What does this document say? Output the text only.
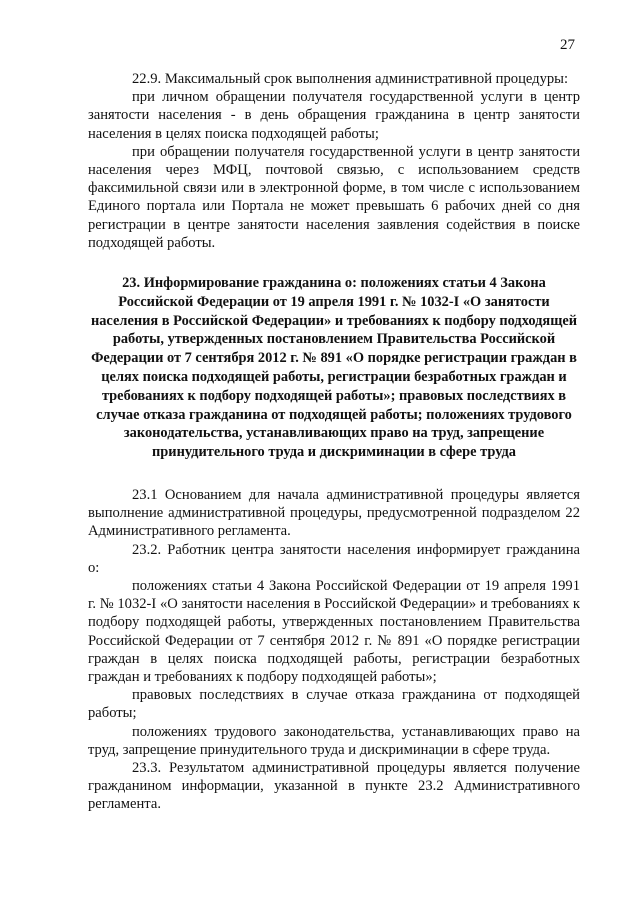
27

22.9. Максимальный срок выполнения административной процедуры:

при личном обращении получателя государственной услуги в центр занятости населения - в день обращения гражданина в центр занятости населения в целях поиска подходящей работы;

при обращении получателя государственной услуги в центр занятости населения через МФЦ, почтовой связью, с использованием средств факсимильной связи или в электронной форме, в том числе с использованием Единого портала или Портала не может превышать 6 рабочих дней со дня регистрации в центре занятости населения заявления содействия в поиске подходящей работы.

23. Информирование гражданина о: положениях статьи 4 Закона Российской Федерации от 19 апреля 1991 г. № 1032-I «О занятости населения в Российской Федерации» и требованиях к подбору подходящей работы, утвержденных постановлением Правительства Российской Федерации от 7 сентября 2012 г. № 891 «О порядке регистрации граждан в целях поиска подходящей работы, регистрации безработных граждан и требованиях к подбору подходящей работы»; правовых последствиях в случае отказа гражданина от подходящей работы; положениях трудового законодательства, устанавливающих право на труд, запрещение принудительного труда и дискриминации в сфере труда

23.1 Основанием для начала административной процедуры является выполнение административной процедуры, предусмотренной подразделом 22 Административного регламента.

23.2. Работник центра занятости населения информирует гражданина о:

положениях статьи 4 Закона Российской Федерации от 19 апреля 1991 г. № 1032-I «О занятости населения в Российской Федерации» и требованиях к подбору подходящей работы, утвержденных постановлением Правительства Российской Федерации от 7 сентября 2012 г. № 891 «О порядке регистрации граждан в целях поиска подходящей работы, регистрации безработных граждан и требованиях к подбору подходящей работы»;

правовых последствиях в случае отказа гражданина от подходящей работы;

положениях трудового законодательства, устанавливающих право на труд, запрещение принудительного труда и дискриминации в сфере труда.

23.3. Результатом административной процедуры является получение гражданином информации, указанной в пункте 23.2 Административного регламента.
